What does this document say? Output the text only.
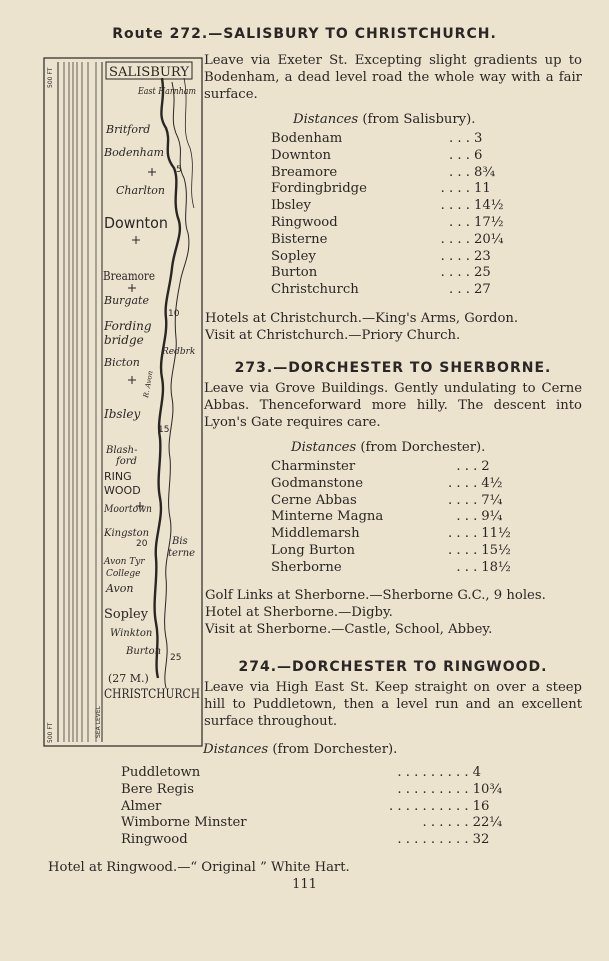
Route 272.—SALISBURY TO CHRISTCHURCH.
500 FT
SEA LEVEL
500 FT
SALISBURY
East Harnham
Britford
Bodenham
Charlton
5
Downton
Breamore
Burgate
10
Fording
bridge
Redbrk
Bicton
R. Avon
Ibsley
15
Blash-
ford
RING
WOOD
Moortown
Kingston
Bis
terne
20
Avon Tyr
College
Avon
Sopley
Winkton
Burton
25
(27 M.)
CHRISTCHURCH
Leave via Exeter St. Excepting slight gradients up to Bodenham, a dead level road the whole way with a fair surface.
Distances (from Salisbury).
Bodenham	. . .	3
Downton	. . .	6
Breamore	. . .	8¾
Fordingbridge	. . . .	11
Ibsley	. . . .	14½
Ringwood	. . .	17½
Bisterne	. . . .	20¼
Sopley	. . . .	23
Burton	. . . .	25
Christchurch	. . .	27
Hotels at Christchurch.—King's Arms, Gordon.
Visit at Christchurch.—Priory Church.
273.—DORCHESTER TO SHERBORNE.
Leave via Grove Buildings. Gently undulating to Cerne Abbas. Thenceforward more hilly. The descent into Lyon's Gate requires care.
Distances (from Dorchester).
Charminster	. . .	2
Godmanstone	. . . .	4½
Cerne Abbas	. . . .	7¼
Minterne Magna	. . .	9¼
Middlemarsh	. . . .	11½
Long Burton	. . . .	15½
Sherborne	. . .	18½
Golf Links at Sherborne.—Sherborne G.C., 9 holes.
Hotel at Sherborne.—Digby.
Visit at Sherborne.—Castle, School, Abbey.
274.—DORCHESTER TO RINGWOOD.
Leave via High East St. Keep straight on over a steep hill to Puddletown, then a level run and an excellent surface throughout.
Distances (from Dorchester).
Puddletown	. . . . . . . . .	4
Bere Regis	. . . . . . . . .	10¾
Almer	. . . . . . . . . .	16
Wimborne Minster	. . . . . .	22¼
Ringwood	. . . . . . . . .	32
Hotel at Ringwood.—“ Original ” White Hart.
111
